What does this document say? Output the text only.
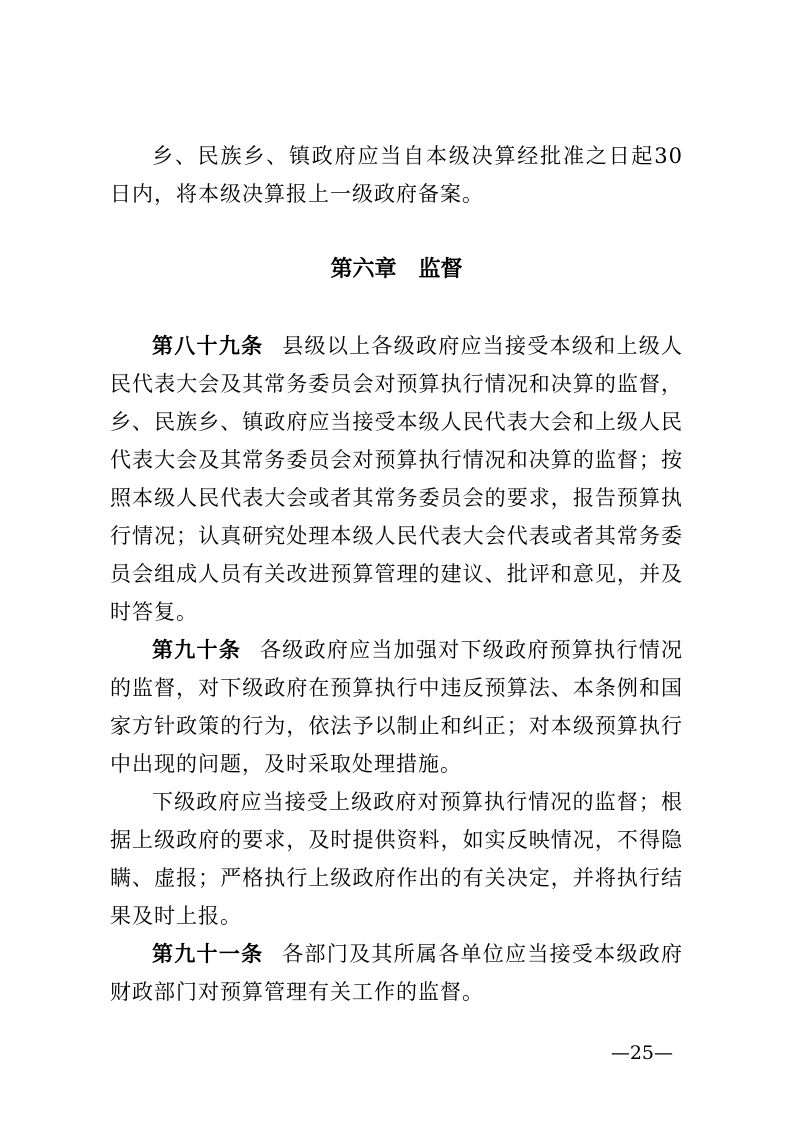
乡、民族乡、镇政府应当自本级决算经批准之日起30日内，将本级决算报上一级政府备案。

第六章 监督

第八十九条 县级以上各级政府应当接受本级和上级人民代表大会及其常务委员会对预算执行情况和决算的监督，乡、民族乡、镇政府应当接受本级人民代表大会和上级人民代表大会及其常务委员会对预算执行情况和决算的监督；按照本级人民代表大会或者其常务委员会的要求，报告预算执行情况；认真研究处理本级人民代表大会代表或者其常务委员会组成人员有关改进预算管理的建议、批评和意见，并及时答复。

第九十条 各级政府应当加强对下级政府预算执行情况的监督，对下级政府在预算执行中违反预算法、本条例和国家方针政策的行为，依法予以制止和纠正；对本级预算执行中出现的问题，及时采取处理措施。

下级政府应当接受上级政府对预算执行情况的监督；根据上级政府的要求，及时提供资料，如实反映情况，不得隐瞒、虚报；严格执行上级政府作出的有关决定，并将执行结果及时上报。

第九十一条 各部门及其所属各单位应当接受本级政府财政部门对预算管理有关工作的监督。

—25—
